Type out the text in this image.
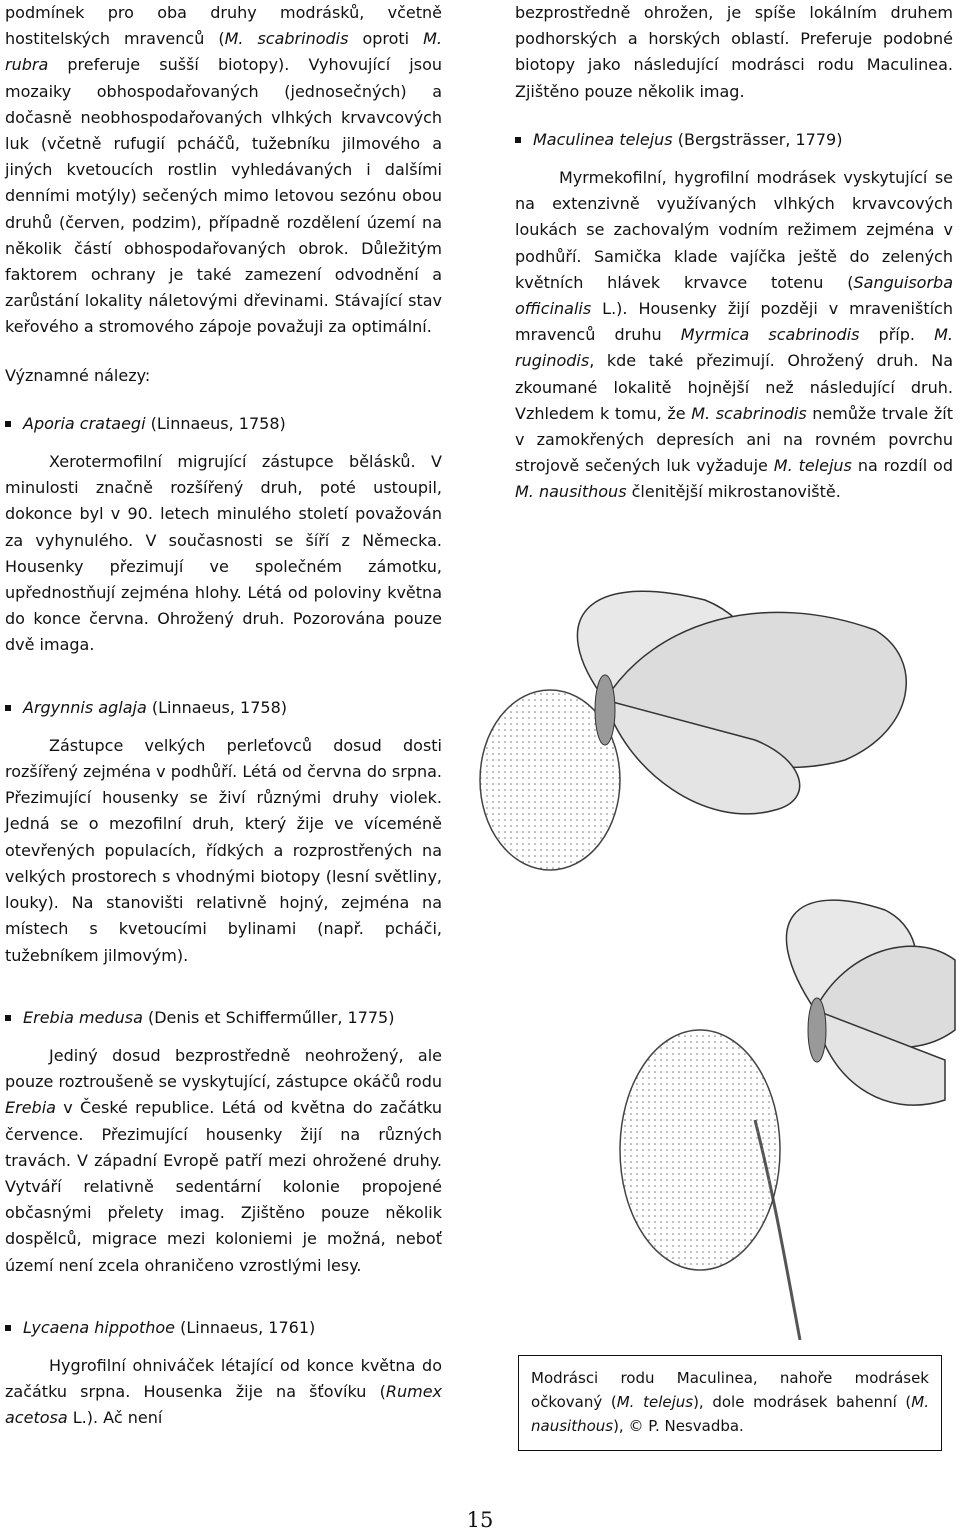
podmínek pro oba druhy modrásků, včetně hostitelských mravenců (M. scabrinodis oproti M. rubra preferuje sušší biotopy). Vyhovující jsou mozaiky obhospodařovaných (jednosečných) a dočasně neobhospodařovaných vlhkých krvavcových luk (včetně rufugií pcháčů, tužebníku jilmového a jiných kvetoucích rostlin vyhledávaných i dalšími denními motýly) sečených mimo letovou sezónu obou druhů (červen, podzim), případně rozdělení území na několik částí obhospodařovaných obrok. Důležitým faktorem ochrany je také zamezení odvodnění a zarůstání lokality náletovými dřevinami. Stávající stav keřového a stromového zápoje považuji za optimální.

Významné nálezy:

Aporia crataegi (Linnaeus, 1758)

Xerotermofilní migrující zástupce bělásků. V minulosti značně rozšířený druh, poté ustoupil, dokonce byl v 90. letech minulého století považován za vyhynulého. V současnosti se šíří z Německa. Housenky přezimují ve společném zámotku, upřednostňují zejména hlohy. Létá od poloviny května do konce června. Ohrožený druh. Pozorována pouze dvě imaga.

Argynnis aglaja (Linnaeus, 1758)

Zástupce velkých perleťovců dosud dosti rozšířený zejména v podhůří. Létá od června do srpna. Přezimující housenky se živí různými druhy violek. Jedná se o mezofilní druh, který žije ve víceméně otevřených populacích, řídkých a rozprostřených na velkých prostorech s vhodnými biotopy (lesní světliny, louky). Na stanovišti relativně hojný, zejména na místech s kvetoucími bylinami (např. pcháči, tužebníkem jilmovým).

Erebia medusa (Denis et Schifferműller, 1775)

Jediný dosud bezprostředně neohrožený, ale pouze roztroušeně se vyskytující, zástupce okáčů rodu Erebia v České republice. Létá od května do začátku července. Přezimující housenky žijí na různých travách. V západní Evropě patří mezi ohrožené druhy. Vytváří relativně sedentární kolonie propojené občasnými přelety imag. Zjištěno pouze několik dospělců, migrace mezi koloniemi je možná, neboť území není zcela ohraničeno vzrostlými lesy.

Lycaena hippothoe (Linnaeus, 1761)

Hygrofilní ohniváček létající od konce května do začátku srpna. Housenka žije na šťovíku (Rumex acetosa L.). Ač není

bezprostředně ohrožen, je spíše lokálním druhem podhorských a horských oblastí. Preferuje podobné biotopy jako následující modrásci rodu Maculinea. Zjištěno pouze několik imag.

Maculinea telejus (Bergsträsser, 1779)

Myrmekofilní, hygrofilní modrásek vyskytující se na extenzivně využívaných vlhkých krvavcových loukách se zachovalým vodním režimem zejména v podhůří. Samička klade vajíčka ještě do zelených květních hlávek krvavce totenu (Sanguisorba officinalis L.). Housenky žijí později v mraveništích mravenců druhu Myrmica scabrinodis příp. M. ruginodis, kde také přezimují. Ohrožený druh. Na zkoumané lokalitě hojnější než následující druh. Vzhledem k tomu, že M. scabrinodis nemůže trvale žít v zamokřených depresích ani na rovném povrchu strojově sečených luk vyžaduje M. telejus na rozdíl od M. nausithous členitější mikrostanoviště.

Modrásci rodu Maculinea, nahoře modrásek očkovaný (M. telejus), dole modrásek bahenní (M. nausithous), © P. Nesvadba.
15
